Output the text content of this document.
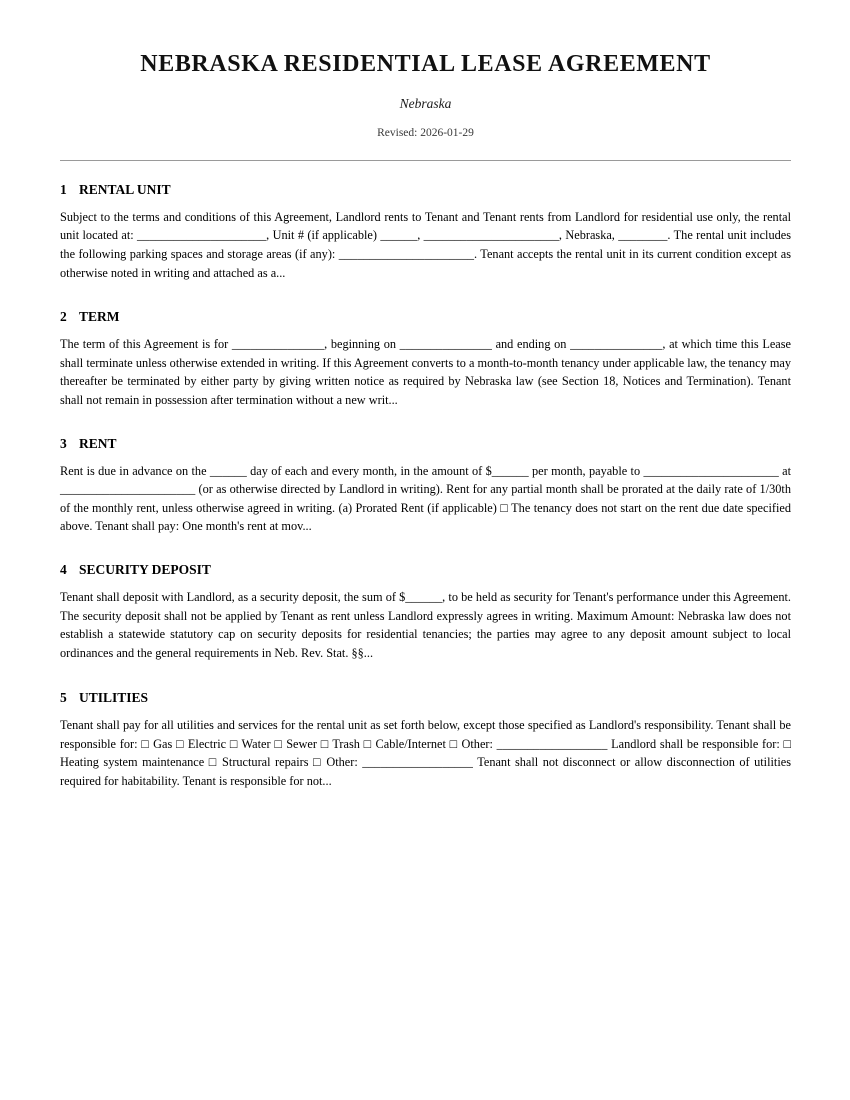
NEBRASKA RESIDENTIAL LEASE AGREEMENT
Nebraska
Revised: 2026-01-29
1 RENTAL UNIT

Subject to the terms and conditions of this Agreement, Landlord rents to Tenant and Tenant rents from Landlord for residential use only, the rental unit located at: _____________________, Unit # (if applicable) ______, ______________________, Nebraska, ________. The rental unit includes the following parking spaces and storage areas (if any): ______________________. Tenant accepts the rental unit in its current condition except as otherwise noted in writing and attached as a...

2 TERM

The term of this Agreement is for _______________, beginning on _______________ and ending on _______________, at which time this Lease shall terminate unless otherwise extended in writing. If this Agreement converts to a month-to-month tenancy under applicable law, the tenancy may thereafter be terminated by either party by giving written notice as required by Nebraska law (see Section 18, Notices and Termination). Tenant shall not remain in possession after termination without a new writ...

3 RENT

Rent is due in advance on the ______ day of each and every month, in the amount of $______ per month, payable to ______________________ at ______________________ (or as otherwise directed by Landlord in writing). Rent for any partial month shall be prorated at the daily rate of 1/30th of the monthly rent, unless otherwise agreed in writing. (a) Prorated Rent (if applicable) □ The tenancy does not start on the rent due date specified above. Tenant shall pay: One month's rent at mov...

4 SECURITY DEPOSIT

Tenant shall deposit with Landlord, as a security deposit, the sum of $______, to be held as security for Tenant's performance under this Agreement. The security deposit shall not be applied by Tenant as rent unless Landlord expressly agrees in writing. Maximum Amount: Nebraska law does not establish a statewide statutory cap on security deposits for residential tenancies; the parties may agree to any deposit amount subject to local ordinances and the general requirements in Neb. Rev. Stat. §§...

5 UTILITIES

Tenant shall pay for all utilities and services for the rental unit as set forth below, except those specified as Landlord's responsibility. Tenant shall be responsible for: □ Gas □ Electric □ Water □ Sewer □ Trash □ Cable/Internet □ Other: __________________ Landlord shall be responsible for: □ Heating system maintenance □ Structural repairs □ Other: __________________ Tenant shall not disconnect or allow disconnection of utilities required for habitability. Tenant is responsible for not...
